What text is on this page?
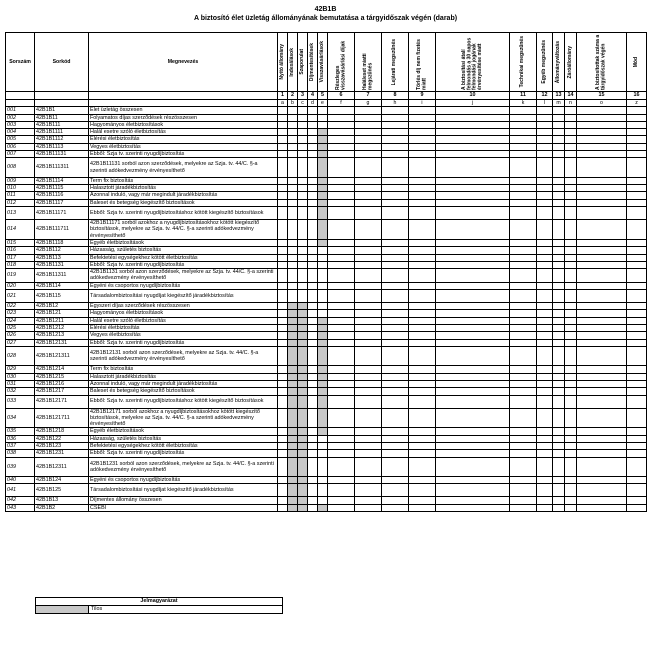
42B1B
A biztosító élet üzletág állományának bemutatása a tárgyidőszak végén (darab)
Sorszám	Sorkód	Megnevezés	Nyitó állomány	Indexálások	Szaporulat	Díjmentesítések	Visszavásárlások	Részleges visszavásárlási díjak	Haláleset miatti megszűnés	Lejárati megszűnés	Törlés díj nem fizetés miatt	A biztosítási átalí felmondás a 30 napos felmondási jogának érvényesítése miatt	Technikai megszűnés	Egyéb megszűnés	Állományváltozás	Záróállomány	A biztosítottak száma a tárgyidőszak végén	Mód

			1	2	3	4	5	6	7	8	9	10	11	12	13	14	15	16
			a	b	c	d	e	f	g	h	i	j	k	l	m	n	o	z
001	42B1B1	Élet üzletág összesen																
002	42B1B11	Folyamatos díjas szerződések részösszesen																
003	42B1B111	Hagyományos életbiztosítások																
004	42B1B1111	Halál esetre szóló életbiztosítás																
005	42B1B1112	Elérési életbiztosítás																
006	42B1B1113	Vegyes életbiztosítás																
007	42B1B11131	Ebből: Szja tv. szerinti nyugdíjbiztosítás																
008	42B1B111311	42B1B11131 sorból azon szerződések, melyekre az Szja. tv. 44/C. §-a szerinti adókedvezmény érvényesíthető																
009	42B1B1114	Term fix biztosítás																
010	42B1B1115	Halasztott járadékbiztosítás																
011	42B1B1116	Azonnal induló, vagy már megindult járadékbiztosítás																
012	42B1B1117	Baleset és betegség kiegészítő biztosítások																
013	42B1B11171	Ebből: Szja tv. szerinti nyugdíjbiztosításhoz kötött kiegészítő biztosítások																
014	42B1B111711	42B1B11171 sorból azokhoz a nyugdíjbiztosításokhoz kötött kiegészítő biztosítások, melyekre az Szja. tv. 44/C. §-a szerinti adókedvezmény érvényesíthető																
015	42B1B1118	Egyéb életbiztosítások																
016	42B1B112	Házasság, születés biztosítás																
017	42B1B113	Befektetési egységekhez kötött életbiztosítás																
018	42B1B1131	Ebből: Szja tv. szerinti nyugdíjbiztosítás																
019	42B1B11311	42B1B1131 sorból azon szerződések, melyekre az Szja. tv. 44/C. §-a szerinti adókedvezmény érvényesíthető																
020	42B1B114	Egyéni és csoportos nyugdíjbiztosítás																
021	42B1B115	Társadalombiztosítási nyugdíjat kiegészítő járadékbiztosítás																
022	42B1B12	Egyszeri díjas szerződések részösszesen																
023	42B1B121	Hagyományos életbiztosítások																
024	42B1B1211	Halál esetre szóló életbiztosítás																
025	42B1B1212	Elérési életbiztosítás																
026	42B1B1213	Vegyes életbiztosítás																
027	42B1B12131	Ebből: Szja tv. szerinti nyugdíjbiztosítás																
028	42B1B121311	42B1B12131 sorból azon szerződések, melyekre az Szja. tv. 44/C. §-a szerinti adókedvezmény érvényesíthető																
029	42B1B1214	Term fix biztosítás																
030	42B1B1215	Halasztott járadékbiztosítás																
031	42B1B1216	Azonnal induló, vagy már megindult járadékbiztosítás																
032	42B1B1217	Baleset és betegség kiegészítő biztosítások																
033	42B1B12171	Ebből: Szja tv. szerinti nyugdíjbiztosításhoz kötött kiegészítő biztosítások																
034	42B1B121711	42B1B12171 sorból azokhoz a nyugdíjbiztosításokhoz kötött kiegészítő biztosítások, melyekre az Szja. tv. 44/C. §-a szerinti adókedvezmény érvényesíthető																
035	42B1B1218	Egyéb életbiztosítások																
036	42B1B122	Házasság, születés biztosítás																
037	42B1B123	Befektetési egységekhez kötött életbiztosítás																
038	42B1B1231	Ebből: Szja tv. szerinti nyugdíjbiztosítás																
039	42B1B12311	42B1B1231 sorból azon szerződések, melyekre az Szja. tv. 44/C. §-a szerinti adókedvezmény érvényesíthető																
040	42B1B124	Egyéni és csoportos nyugdíjbiztosítás																
041	42B1B125	Társadalombiztosítási nyugdíjat kiegészítő járadékbiztosítás																
042	42B1B13	Díjmentes állomány összesen																
043	42B1B2	CSÉBI																
Jelmagyarázat
	Tilos
